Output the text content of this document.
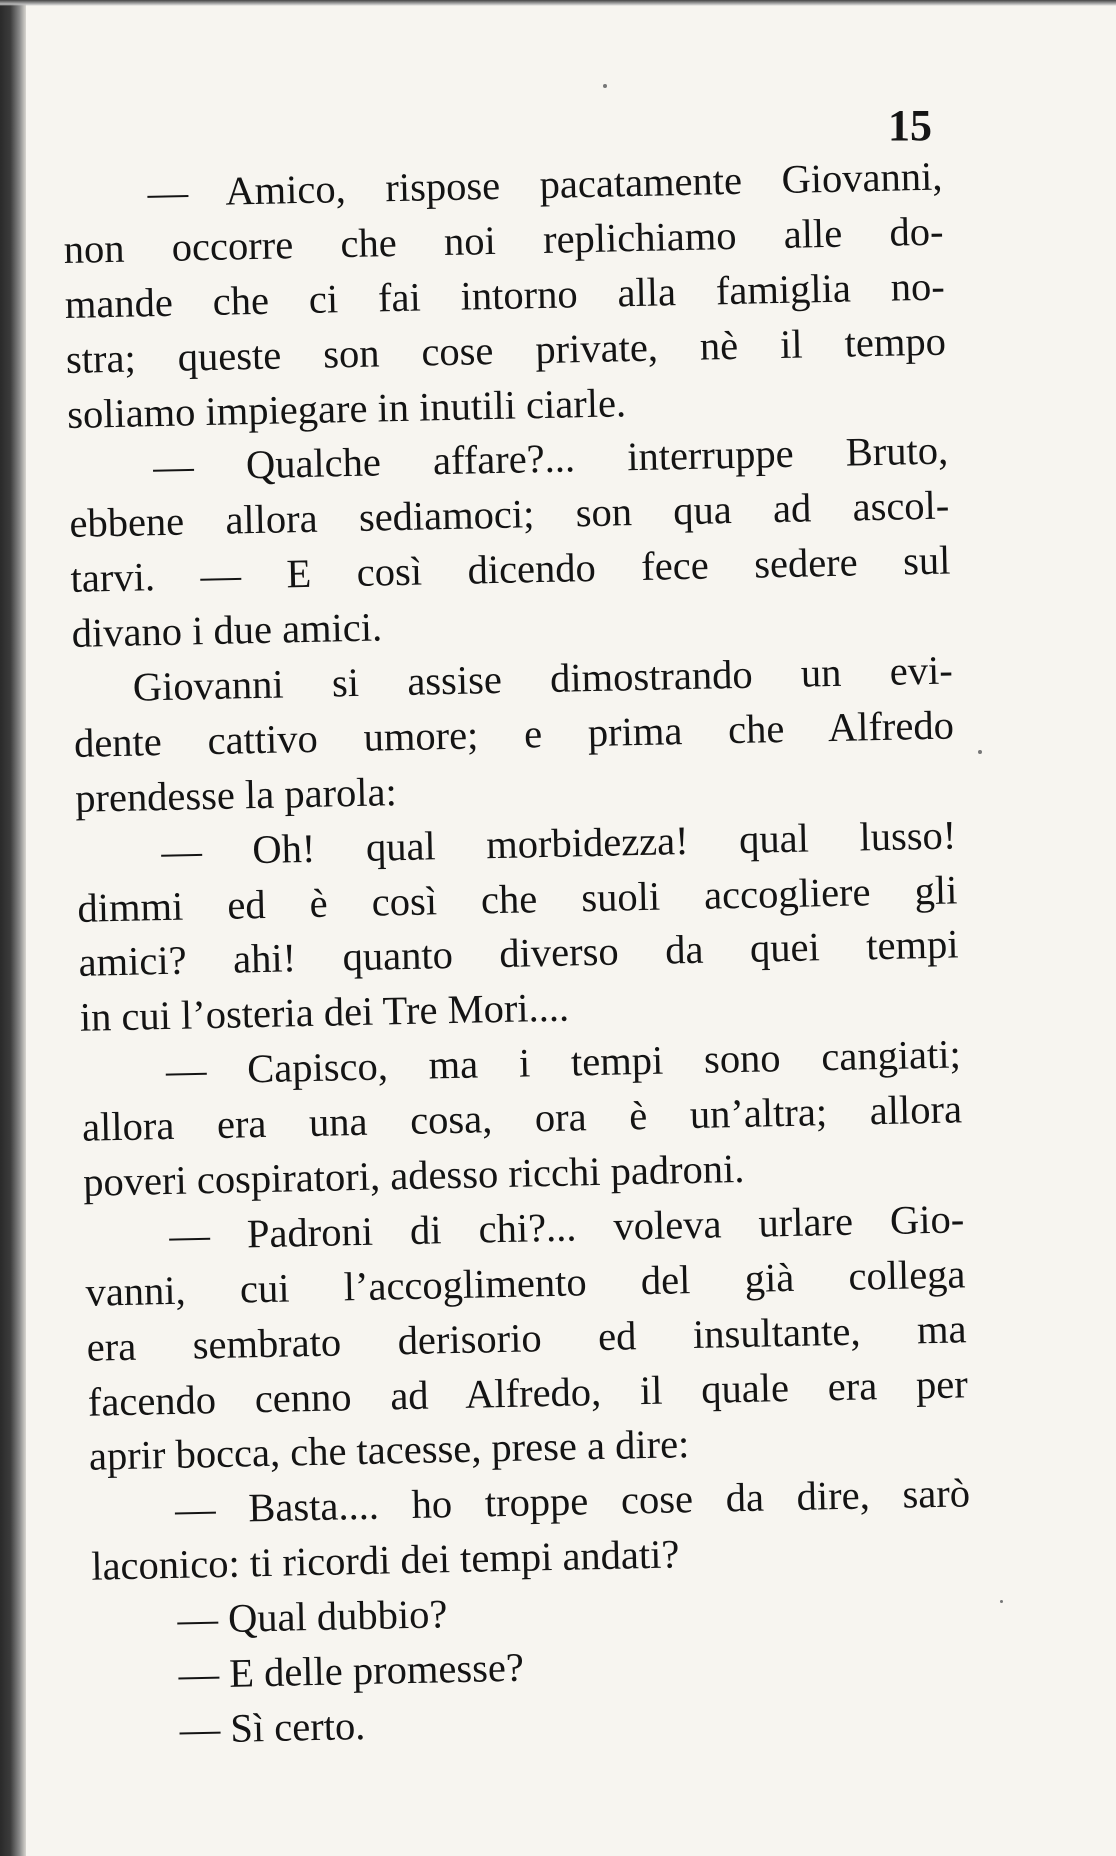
15
— Amico, rispose pacatamente Giovanni,
non occorre che noi replichiamo alle do-
mande che ci fai intorno alla famiglia no-
stra; queste son cose private, nè il tempo
soliamo impiegare in inutili ciarle.
— Qualche affare?... interruppe Bruto,
ebbene allora sediamoci; son qua ad ascol-
tarvi. — E così dicendo fece sedere sul
divano i due amici.
Giovanni si assise dimostrando un evi-
dente cattivo umore; e prima che Alfredo
prendesse la parola:
— Oh! qual morbidezza! qual lusso!
dimmi ed è così che suoli accogliere gli
amici? ahi! quanto diverso da quei tempi
in cui l’osteria dei Tre Mori....
— Capisco, ma i tempi sono cangiati;
allora era una cosa, ora è un’altra; allora
poveri cospiratori, adesso ricchi padroni.
— Padroni di chi?... voleva urlare Gio-
vanni, cui l’accoglimento del già collega
era sembrato derisorio ed insultante, ma
facendo cenno ad Alfredo, il quale era per
aprir bocca, che tacesse, prese a dire:
— Basta.... ho troppe cose da dire, sarò
laconico: ti ricordi dei tempi andati?
— Qual dubbio?
— E delle promesse?
— Sì certo.
